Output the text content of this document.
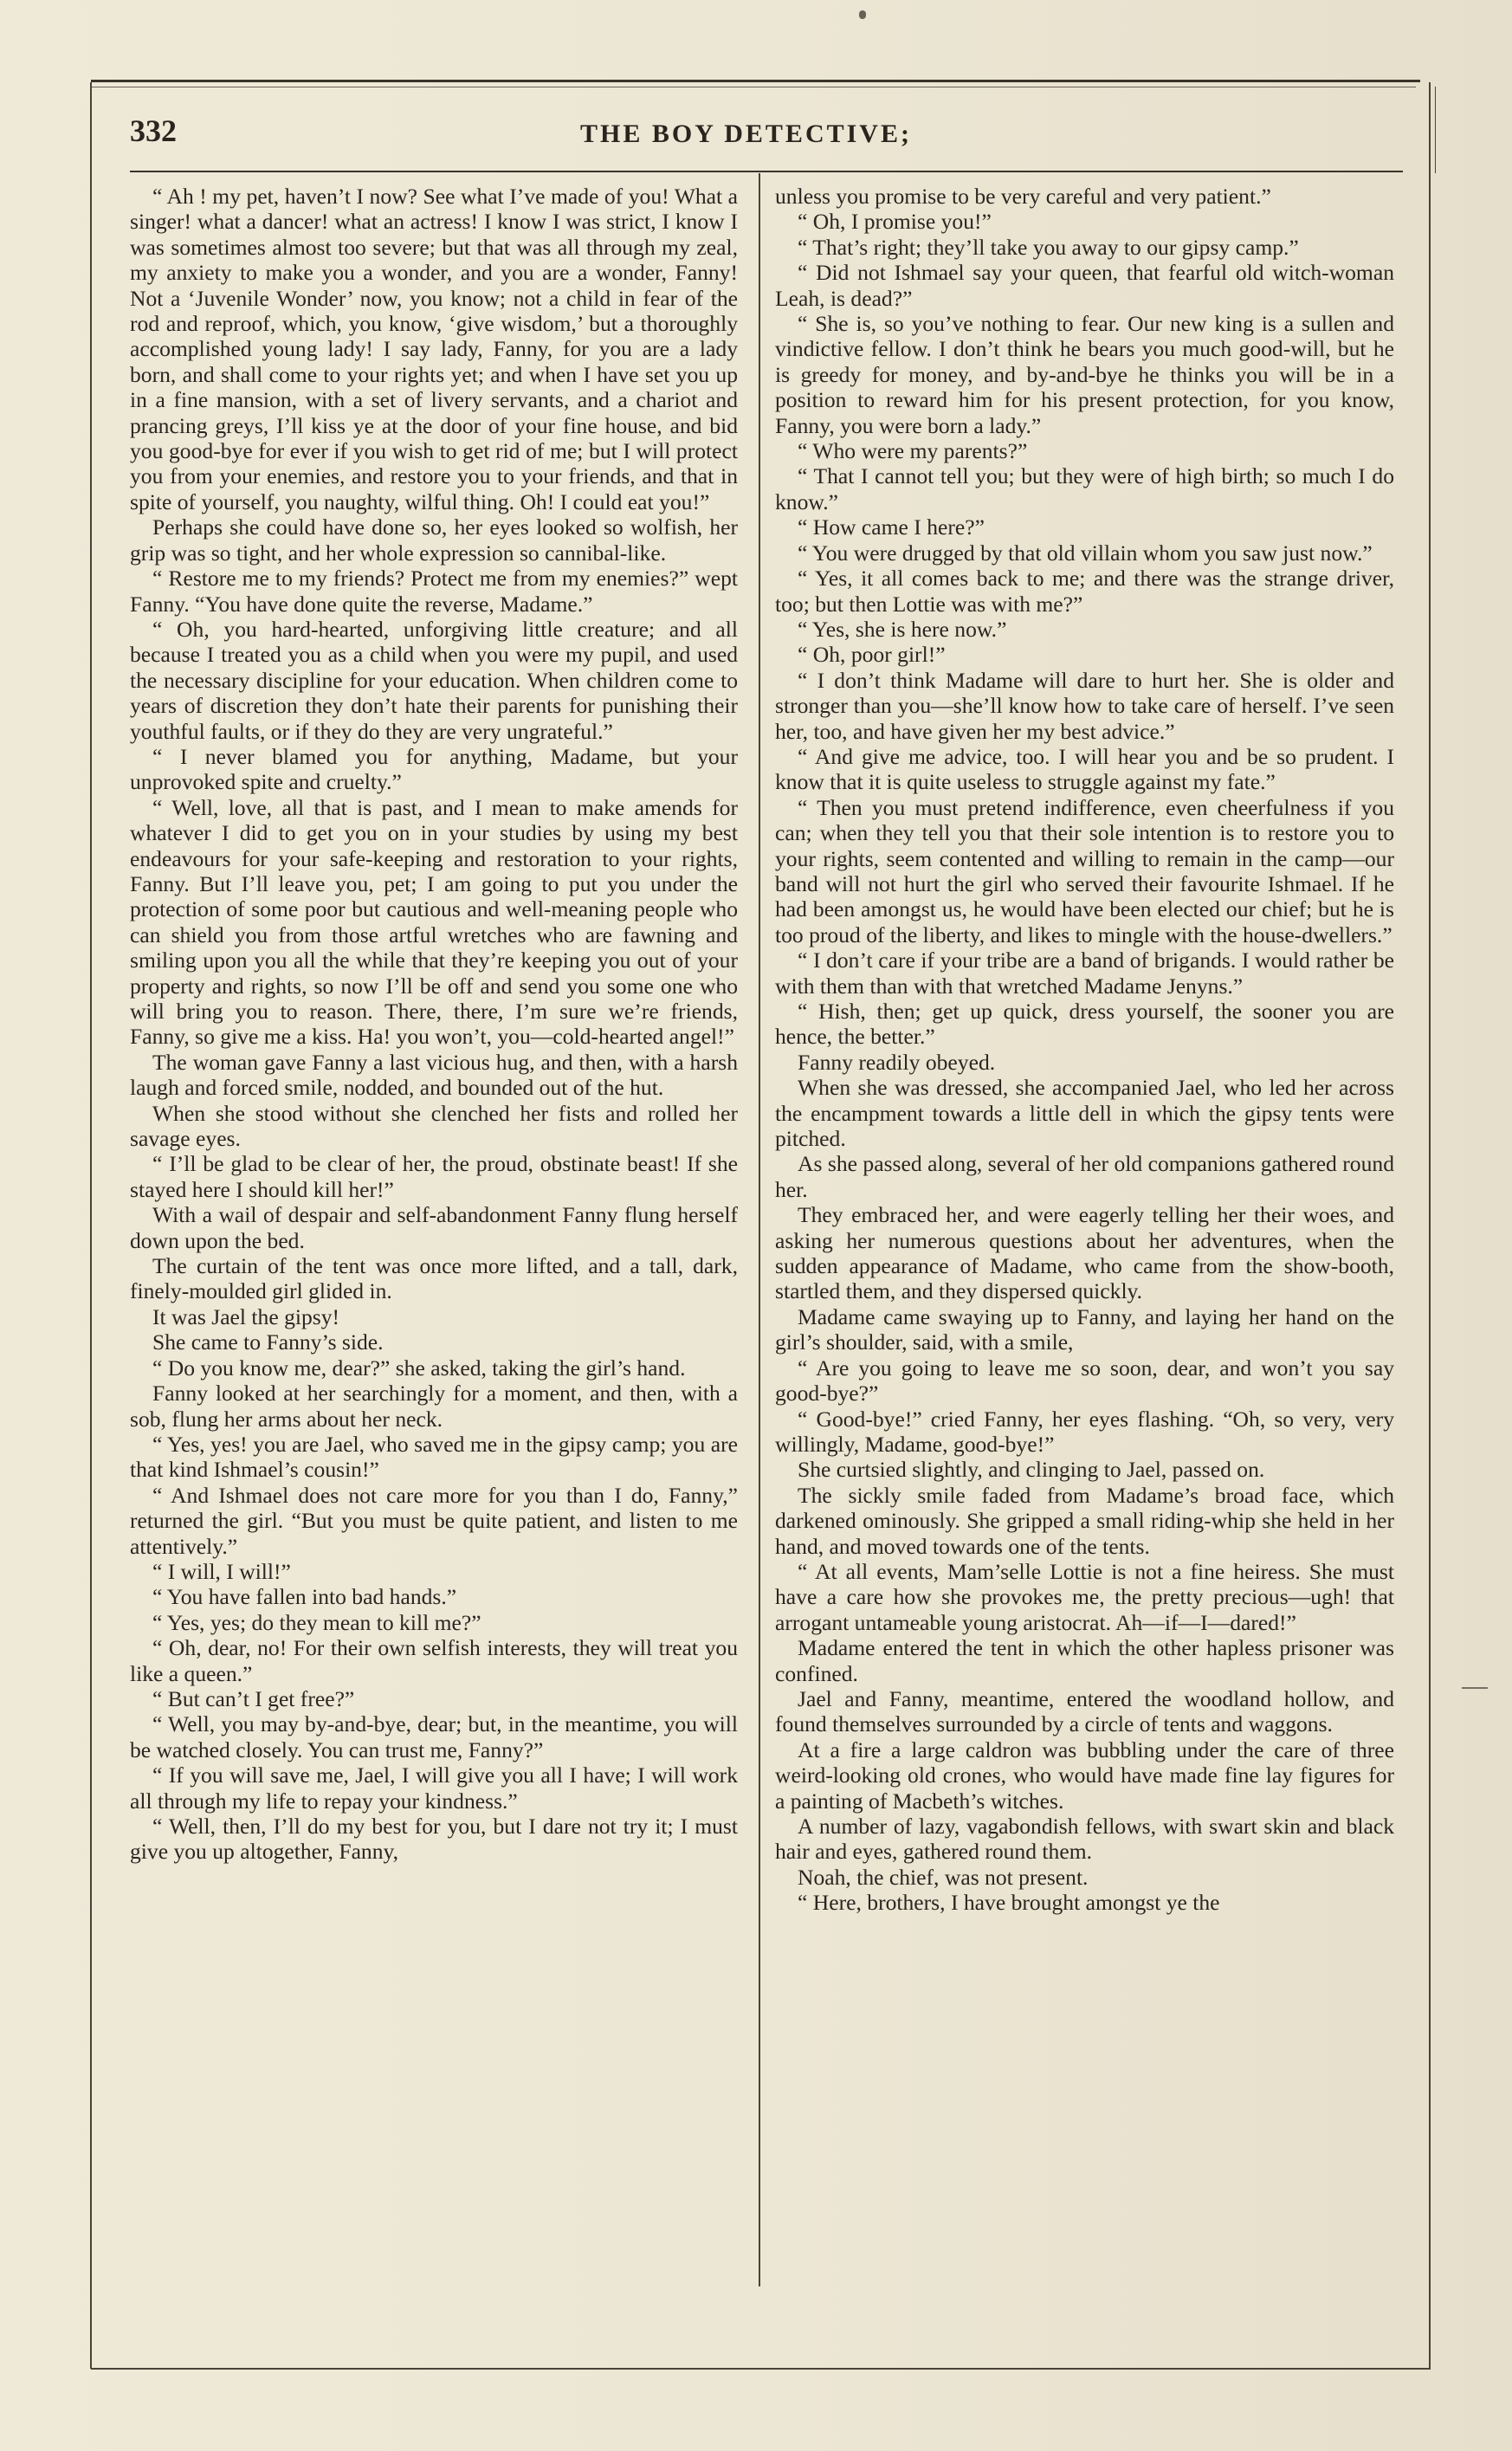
332	THE BOY DETECTIVE;

“ Ah ! my pet, haven’t I now? See what I’ve made of you! What a singer! what a dancer! what an actress! I know I was strict, I know I was sometimes almost too severe; but that was all through my zeal, my anxiety to make you a wonder, and you are a wonder, Fanny! Not a ‘Juvenile Wonder’ now, you know; not a child in fear of the rod and reproof, which, you know, ‘give wisdom,’ but a thoroughly accomplished young lady! I say lady, Fanny, for you are a lady born, and shall come to your rights yet; and when I have set you up in a fine mansion, with a set of livery servants, and a chariot and prancing greys, I’ll kiss ye at the door of your fine house, and bid you good-bye for ever if you wish to get rid of me; but I will protect you from your enemies, and restore you to your friends, and that in spite of yourself, you naughty, wilful thing. Oh! I could eat you!”

Perhaps she could have done so, her eyes looked so wolfish, her grip was so tight, and her whole expression so cannibal-like.

“ Restore me to my friends? Protect me from my enemies?” wept Fanny. “You have done quite the reverse, Madame.”

“ Oh, you hard-hearted, unforgiving little creature; and all because I treated you as a child when you were my pupil, and used the necessary discipline for your education. When children come to years of discretion they don’t hate their parents for punishing their youthful faults, or if they do they are very ungrateful.”

“ I never blamed you for anything, Madame, but your unprovoked spite and cruelty.”

“ Well, love, all that is past, and I mean to make amends for whatever I did to get you on in your studies by using my best endeavours for your safe-keeping and restoration to your rights, Fanny. But I’ll leave you, pet; I am going to put you under the protection of some poor but cautious and well-meaning people who can shield you from those artful wretches who are fawning and smiling upon you all the while that they’re keeping you out of your property and rights, so now I’ll be off and send you some one who will bring you to reason. There, there, I’m sure we’re friends, Fanny, so give me a kiss. Ha! you won’t, you—cold-hearted angel!”

The woman gave Fanny a last vicious hug, and then, with a harsh laugh and forced smile, nodded, and bounded out of the hut.

When she stood without she clenched her fists and rolled her savage eyes.

“ I’ll be glad to be clear of her, the proud, obstinate beast! If she stayed here I should kill her!”

With a wail of despair and self-abandonment Fanny flung herself down upon the bed.

The curtain of the tent was once more lifted, and a tall, dark, finely-moulded girl glided in.

It was Jael the gipsy!

She came to Fanny’s side.

“ Do you know me, dear?” she asked, taking the girl’s hand.

Fanny looked at her searchingly for a moment, and then, with a sob, flung her arms about her neck.

“ Yes, yes! you are Jael, who saved me in the gipsy camp; you are that kind Ishmael’s cousin!”

“ And Ishmael does not care more for you than I do, Fanny,” returned the girl. “But you must be quite patient, and listen to me attentively.”

“ I will, I will!”

“ You have fallen into bad hands.”

“ Yes, yes; do they mean to kill me?”

“ Oh, dear, no! For their own selfish interests, they will treat you like a queen.”

“ But can’t I get free?”

“ Well, you may by-and-bye, dear; but, in the meantime, you will be watched closely. You can trust me, Fanny?”

“ If you will save me, Jael, I will give you all I have; I will work all through my life to repay your kindness.”

“ Well, then, I’ll do my best for you, but I dare not try it; I must give you up altogether, Fanny,

unless you promise to be very careful and very patient.”

“ Oh, I promise you!”

“ That’s right; they’ll take you away to our gipsy camp.”

“ Did not Ishmael say your queen, that fearful old witch-woman Leah, is dead?”

“ She is, so you’ve nothing to fear. Our new king is a sullen and vindictive fellow. I don’t think he bears you much good-will, but he is greedy for money, and by-and-bye he thinks you will be in a position to reward him for his present protection, for you know, Fanny, you were born a lady.”

“ Who were my parents?”

“ That I cannot tell you; but they were of high birth; so much I do know.”

“ How came I here?”

“ You were drugged by that old villain whom you saw just now.”

“ Yes, it all comes back to me; and there was the strange driver, too; but then Lottie was with me?”

“ Yes, she is here now.”

“ Oh, poor girl!”

“ I don’t think Madame will dare to hurt her. She is older and stronger than you—she’ll know how to take care of herself. I’ve seen her, too, and have given her my best advice.”

“ And give me advice, too. I will hear you and be so prudent. I know that it is quite useless to struggle against my fate.”

“ Then you must pretend indifference, even cheerfulness if you can; when they tell you that their sole intention is to restore you to your rights, seem contented and willing to remain in the camp—our band will not hurt the girl who served their favourite Ishmael. If he had been amongst us, he would have been elected our chief; but he is too proud of the liberty, and likes to mingle with the house-dwellers.”

“ I don’t care if your tribe are a band of brigands. I would rather be with them than with that wretched Madame Jenyns.”

“ Hish, then; get up quick, dress yourself, the sooner you are hence, the better.”

Fanny readily obeyed.

When she was dressed, she accompanied Jael, who led her across the encampment towards a little dell in which the gipsy tents were pitched.

As she passed along, several of her old companions gathered round her.

They embraced her, and were eagerly telling her their woes, and asking her numerous questions about her adventures, when the sudden appearance of Madame, who came from the show-booth, startled them, and they dispersed quickly.

Madame came swaying up to Fanny, and laying her hand on the girl’s shoulder, said, with a smile,

“ Are you going to leave me so soon, dear, and won’t you say good-bye?”

“ Good-bye!” cried Fanny, her eyes flashing. “Oh, so very, very willingly, Madame, good-bye!”

She curtsied slightly, and clinging to Jael, passed on.

The sickly smile faded from Madame’s broad face, which darkened ominously. She gripped a small riding-whip she held in her hand, and moved towards one of the tents.

“ At all events, Mam’selle Lottie is not a fine heiress. She must have a care how she provokes me, the pretty precious—ugh! that arrogant untameable young aristocrat. Ah—if—I—dared!”

Madame entered the tent in which the other hapless prisoner was confined.

Jael and Fanny, meantime, entered the woodland hollow, and found themselves surrounded by a circle of tents and waggons.

At a fire a large caldron was bubbling under the care of three weird-looking old crones, who would have made fine lay figures for a painting of Macbeth’s witches.

A number of lazy, vagabondish fellows, with swart skin and black hair and eyes, gathered round them.

Noah, the chief, was not present.

“ Here, brothers, I have brought amongst ye the
